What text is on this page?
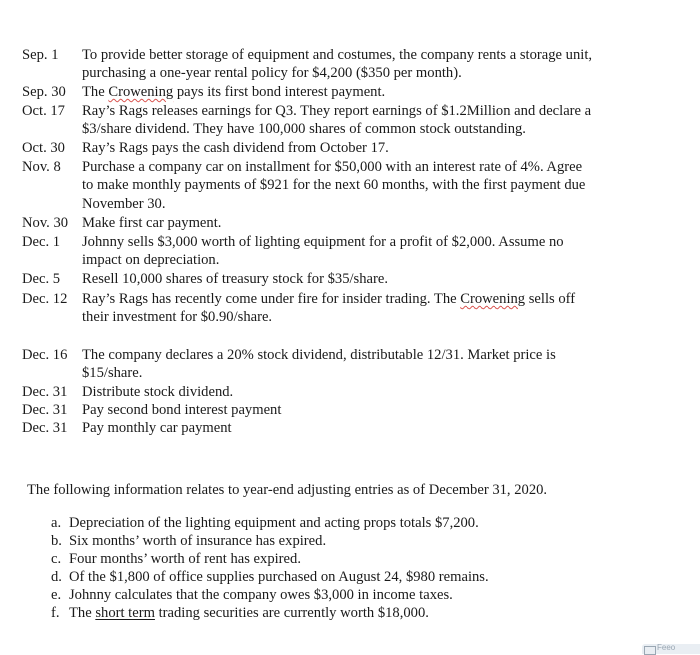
Sep. 1 To provide better storage of equipment and costumes, the company rents a storage unit,
purchasing a one-year rental policy for $4,200 ($350 per month).
Sep. 30 The Crowening pays its first bond interest payment.
Oct. 17 Ray’s Rags releases earnings for Q3. They report earnings of $1.2Million and declare a
$3/share dividend. They have 100,000 shares of common stock outstanding.
Oct. 30 Ray’s Rags pays the cash dividend from October 17.
Nov. 8 Purchase a company car on installment for $50,000 with an interest rate of 4%. Agree
to make monthly payments of $921 for the next 60 months, with the first payment due
November 30.
Nov. 30 Make first car payment.
Dec. 1 Johnny sells $3,000 worth of lighting equipment for a profit of $2,000. Assume no
impact on depreciation.
Dec. 5 Resell 10,000 shares of treasury stock for $35/share.
Dec. 12 Ray’s Rags has recently come under fire for insider trading. The Crowening sells off
their investment for $0.90/share.
Dec. 16 The company declares a 20% stock dividend, distributable 12/31. Market price is
$15/share.
Dec. 31 Distribute stock dividend.
Dec. 31 Pay second bond interest payment
Dec. 31 Pay monthly car payment
The following information relates to year-end adjusting entries as of December 31, 2020.
a. Depreciation of the lighting equipment and acting props totals $7,200.
b. Six months’ worth of insurance has expired.
c. Four months’ worth of rent has expired.
d. Of the $1,800 of office supplies purchased on August 24, $980 remains.
e. Johnny calculates that the company owes $3,000 in income taxes.
f. The short term trading securities are currently worth $18,000.
Feeo
